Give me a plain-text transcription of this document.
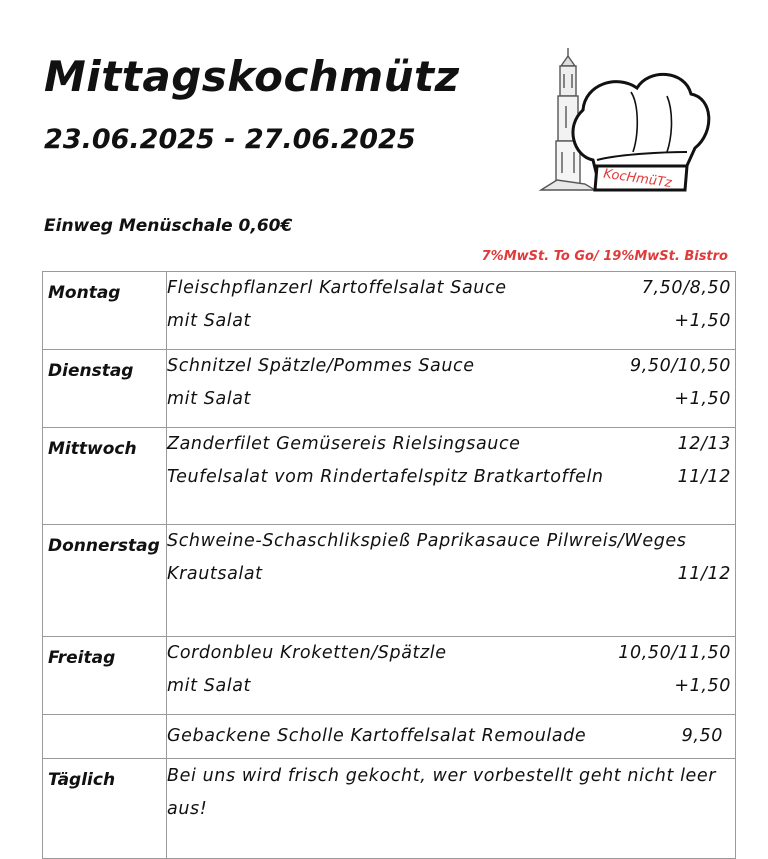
Mittagskochmütz
23.06.2025 - 27.06.2025
KocHmüTz
Einweg Menüschale 0,60€
7%MwSt. To Go/ 19%MwSt. Bistro
Montag	Fleischpflanzerl Kartoffelsalat Sauce 7,50/8,50
mit Salat +1,50

Dienstag	Schnitzel Spätzle/Pommes Sauce 9,50/10,50
mit Salat +1,50

Mittwoch	Zanderfilet Gemüsereis Rielsingsauce 12/13
Teufelsalat vom Rindertafelspitz Bratkartoffeln 11/12

Donnerstag	Schweine-Schaschlikspieß Paprikasauce Pilwreis/Weges
Krautsalat 11/12

Freitag	Cordonbleu Kroketten/Spätzle 10,50/11,50
mit Salat +1,50

	Gebackene Scholle Kartoffelsalat Remoulade 9,50

Täglich	Bei uns wird frisch gekocht, wer vorbestellt geht nicht leer aus!
